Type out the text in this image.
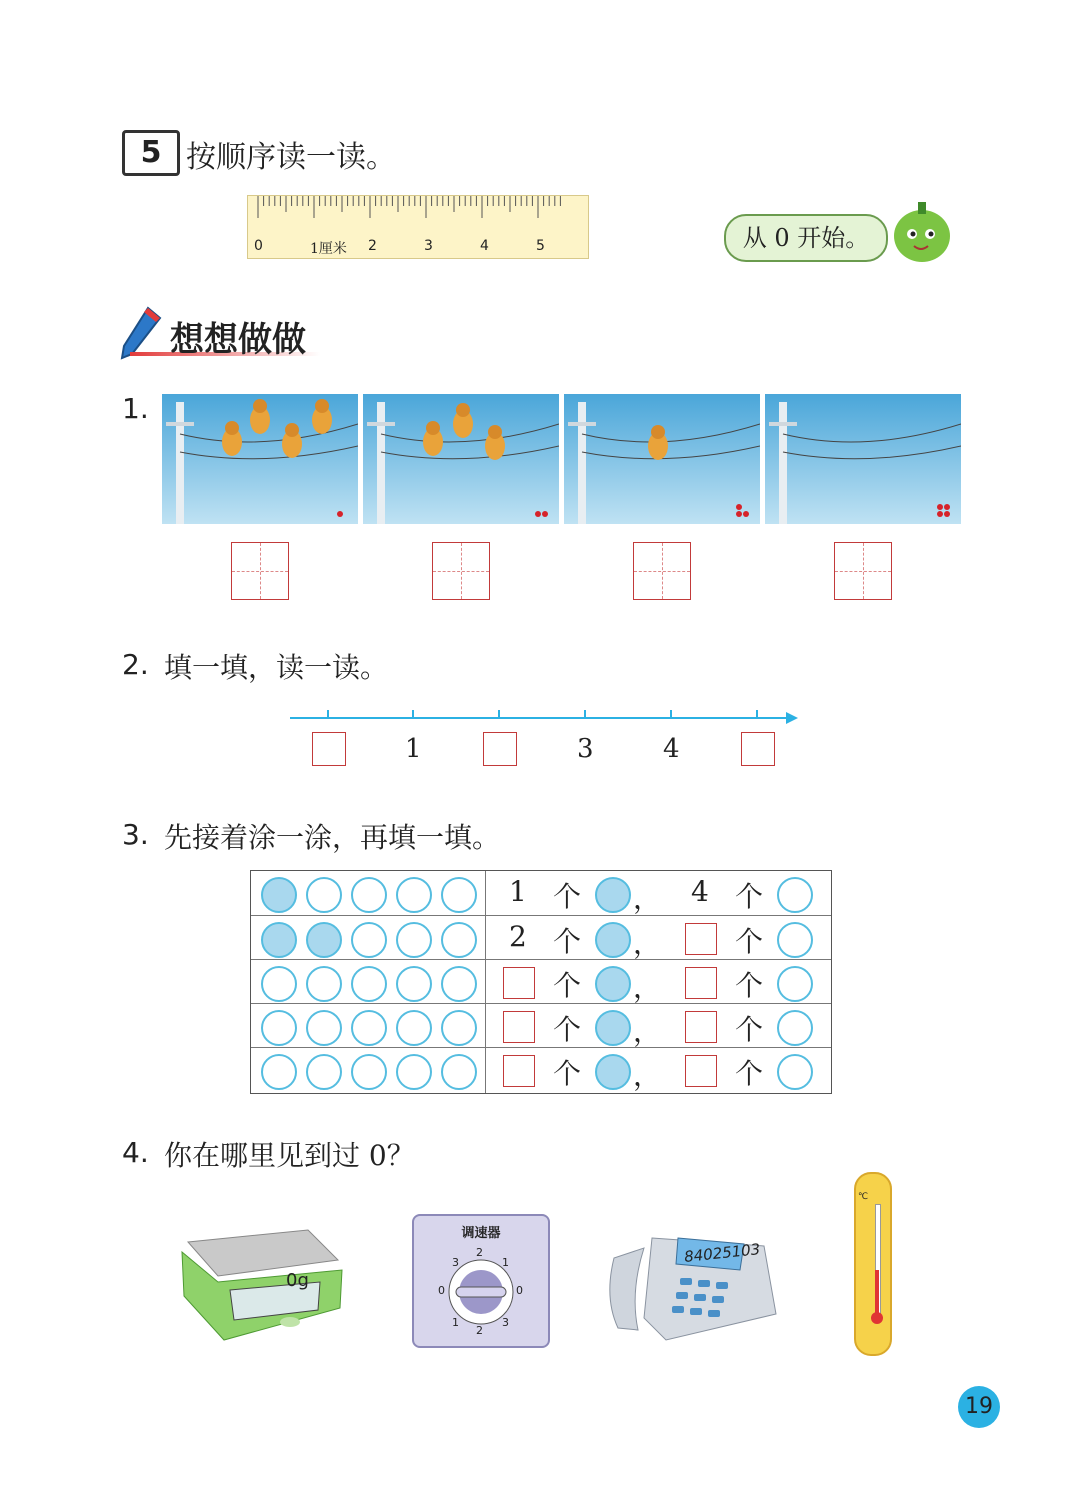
5 按顺序读一读。
0	1厘米 2	3	4	5	从 0 开始。
想想做做
1.
2. 填一填，读一读。
1	3	4
3. 先接着涂一涂，再填一填。
1 个 ， 4 个
2 个 ，	个
个 ，	个
个 ，	个
个 ，	个
4. 你在哪里见到过 0？
0g
调速器
3
2
1
0	0
1
2
3
84025103
℃
19
